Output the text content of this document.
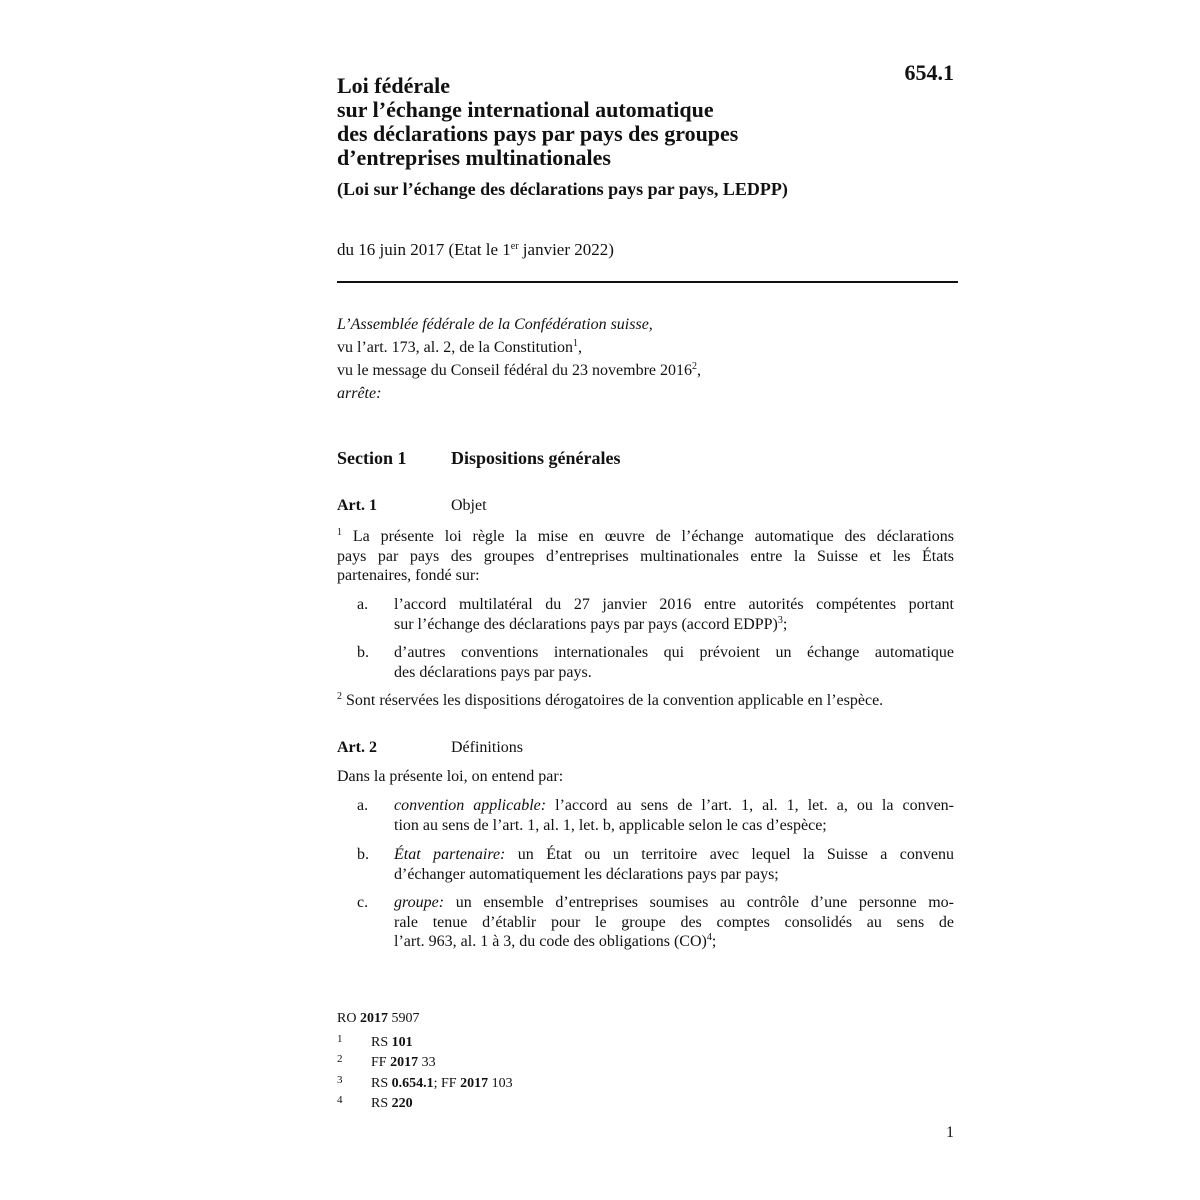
654.1
Loi fédérale
sur l’échange international automatique
des déclarations pays par pays des groupes
d’entreprises multinationales
(Loi sur l’échange des déclarations pays par pays, LEDPP)
du 16 juin 2017 (Etat le 1er janvier 2022)
L’Assemblée fédérale de la Confédération suisse,
vu l’art. 173, al. 2, de la Constitution$^1$,
vu le message du Conseil fédéral du 23 novembre 2016$^2$,
arrête:
Section 1 Dispositions générales
Art. 1	Objet
$^1$ La présente loi règle la mise en œuvre de l’échange automatique des déclarations
pays par pays des groupes d’entreprises multinationales entre la Suisse et les États
partenaires, fondé sur:
a.	l’accord multilatéral du 27 janvier 2016 entre autorités compétentes portant
sur l’échange des déclarations pays par pays (accord EDPP)$^3$;
b.	d’autres conventions internationales qui prévoient un échange automatique
des déclarations pays par pays.
$^2$ Sont réservées les dispositions dérogatoires de la convention applicable en l’espèce.
Art. 2	Définitions
Dans la présente loi, on entend par:
a.	convention applicable: l’accord au sens de l’art. 1, al. 1, let. a, ou la conven-
tion au sens de l’art. 1, al. 1, let. b, applicable selon le cas d’espèce;
b.	État partenaire: un État ou un territoire avec lequel la Suisse a convenu
d’échanger automatiquement les déclarations pays par pays;
c.	groupe: un ensemble d’entreprises soumises au contrôle d’une personne mo-
rale tenue d’établir pour le groupe des comptes consolidés au sens de
l’art. 963, al. 1 à 3, du code des obligations (CO)$^4$;
RO 2017 5907
1 RS 101
2 FF 2017 33
3 RS 0.654.1; FF 2017 103
4 RS 220
1
